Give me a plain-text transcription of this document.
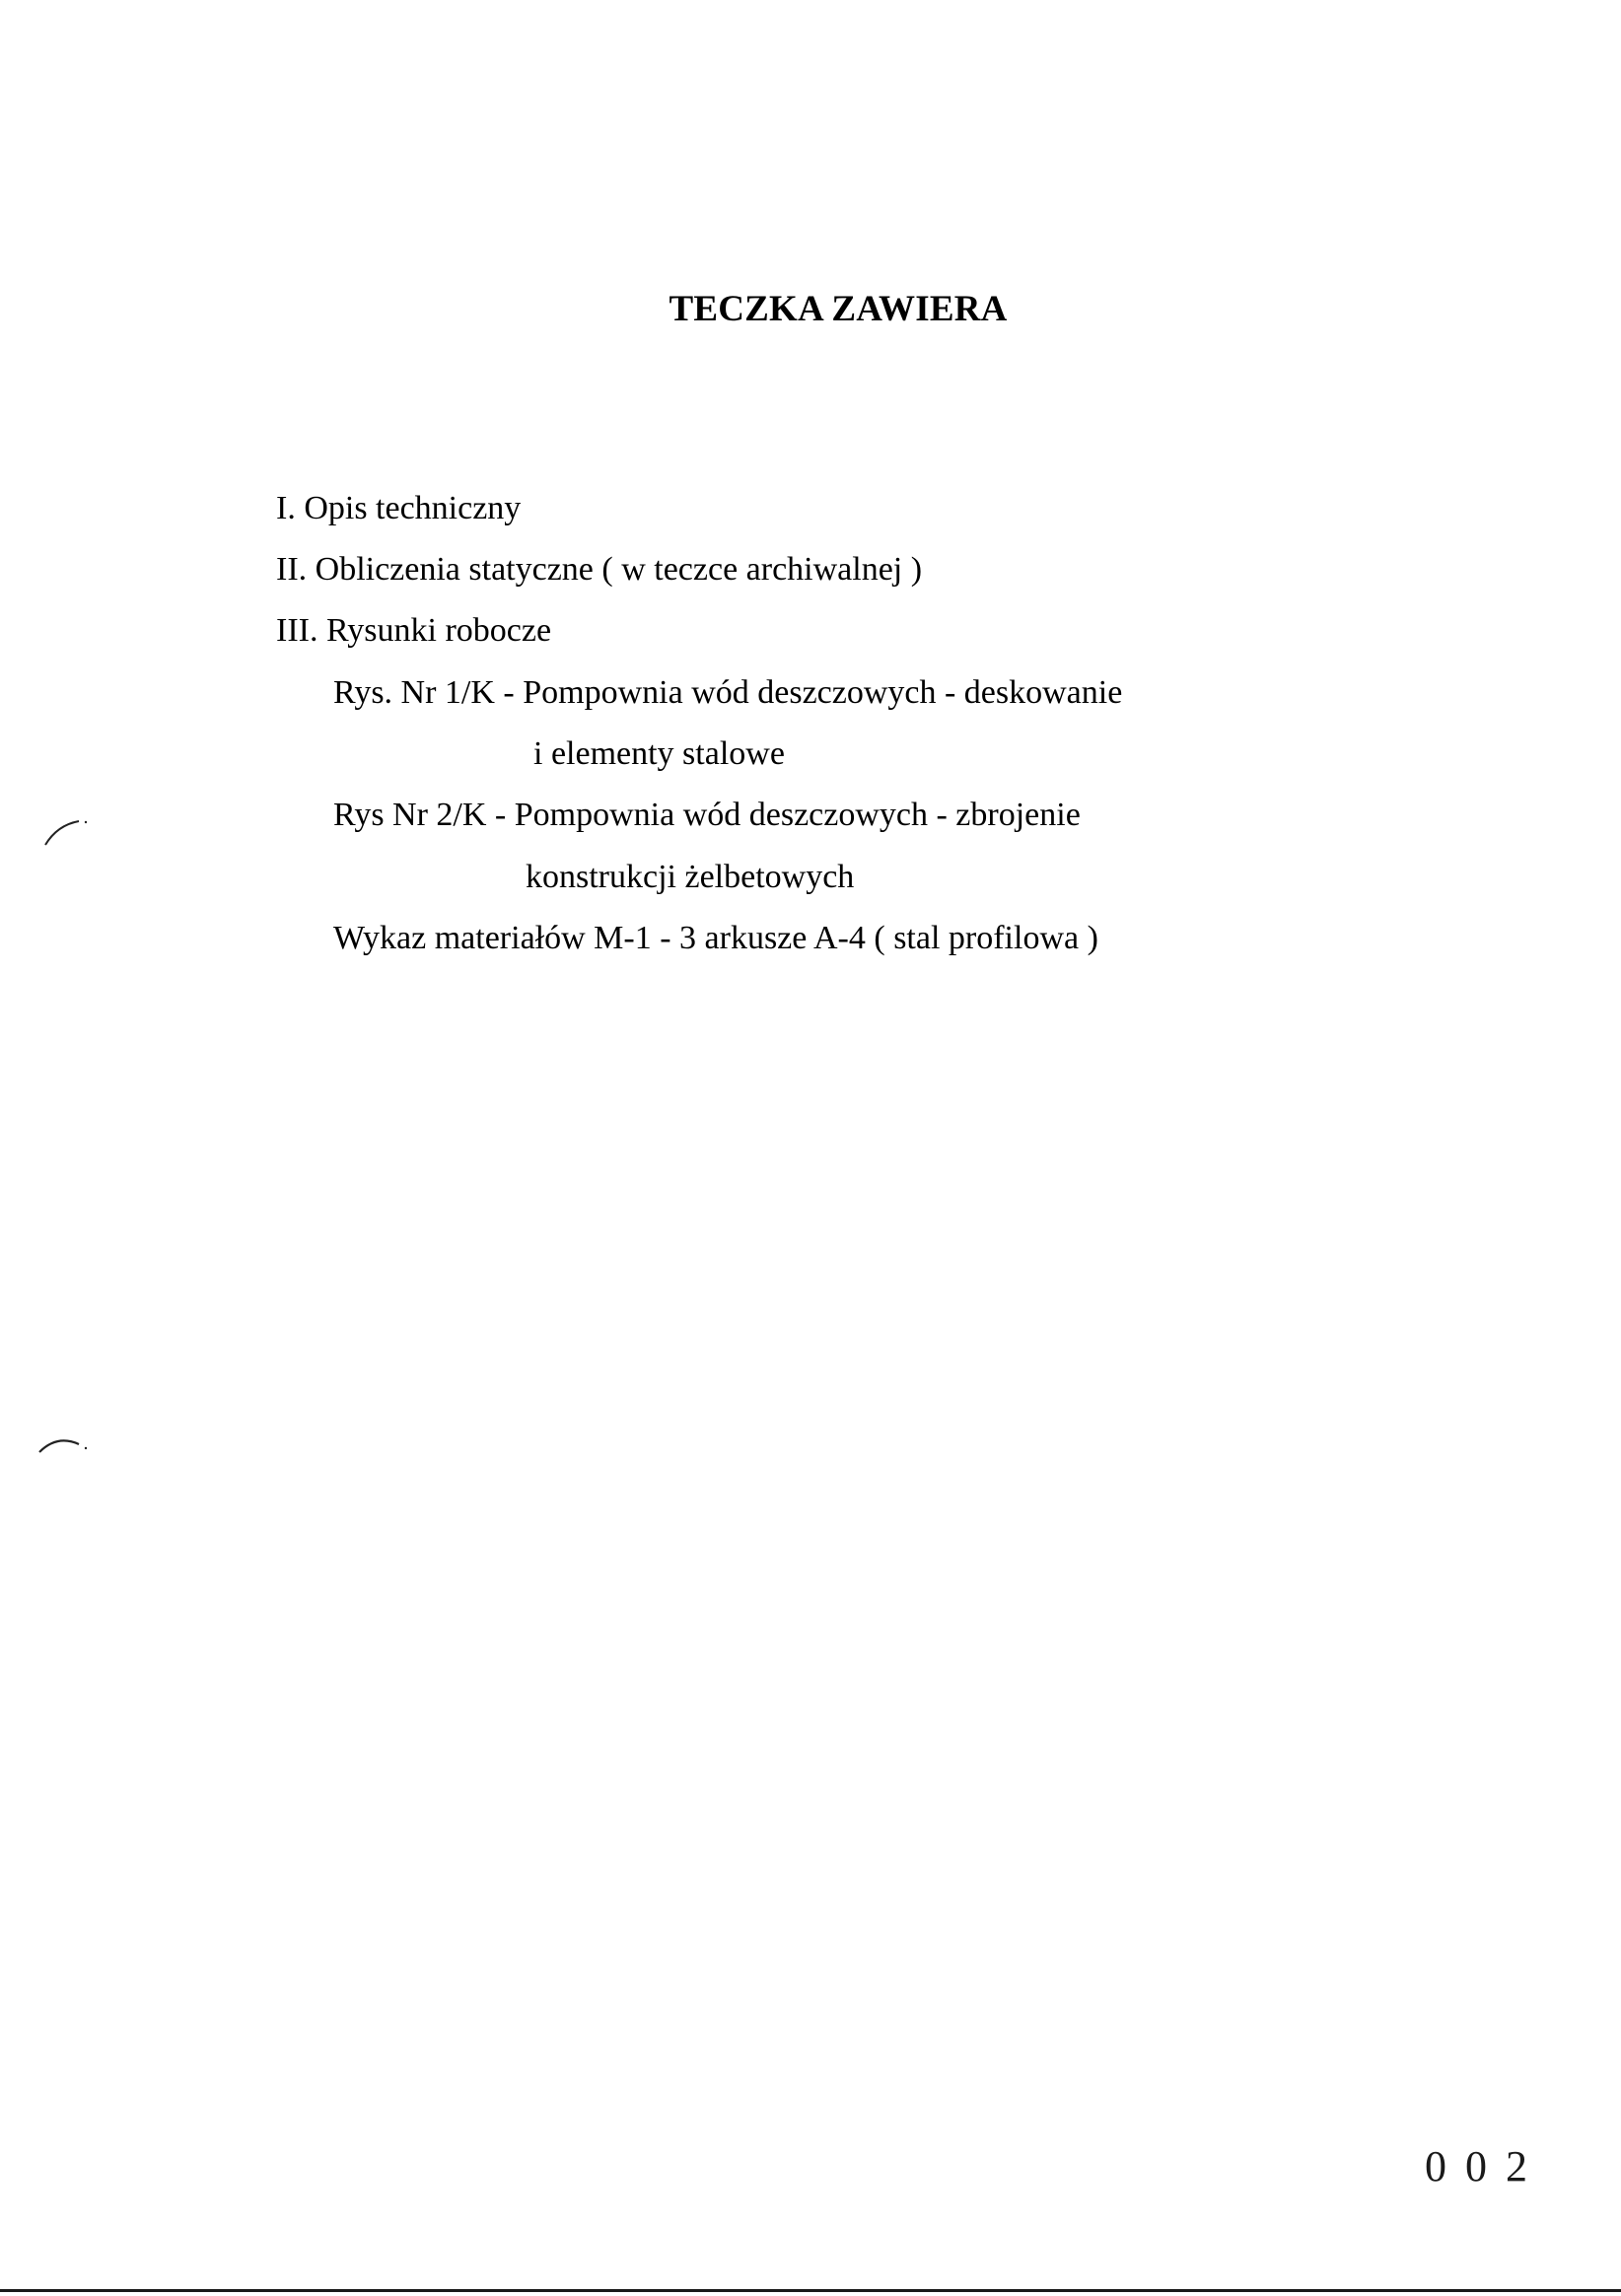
TECZKA ZAWIERA
I. Opis techniczny
II. Obliczenia statyczne ( w teczce archiwalnej )
III. Rysunki robocze
Rys. Nr 1/K - Pompownia wód deszczowych - deskowanie
i elementy stalowe
Rys Nr 2/K - Pompownia wód deszczowych - zbrojenie
konstrukcji żelbetowych
Wykaz materiałów M-1 - 3 arkusze A-4 ( stal profilowa )
0 0 2
